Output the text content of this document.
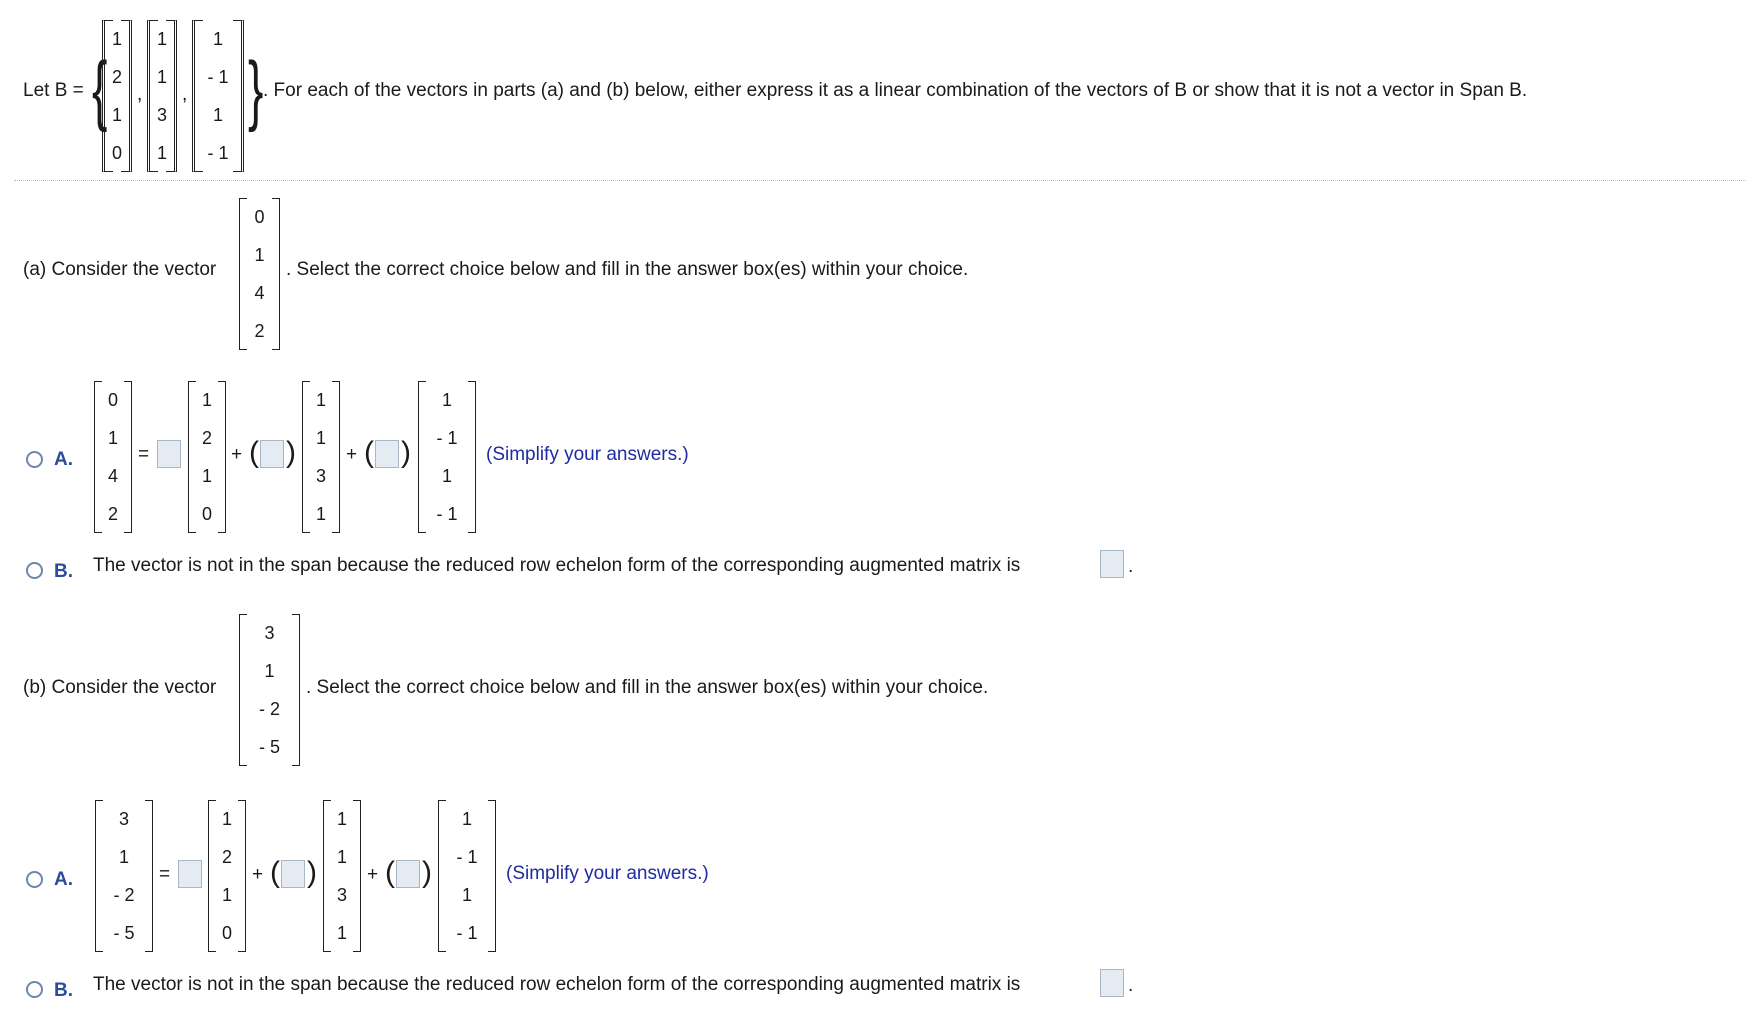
Let B = {
1
2
1
0
,
1
1
3
1
,
1
- 1
1
- 1
} . For each of the vectors in parts (a) and (b) below, either express it as a linear combination of the vectors of B or show that it is not a vector in Span B.
(a) Consider the vector
0
1
4
2
. Select the correct choice below and fill in the answer box(es) within your choice.
A.
0
1
4
2
=
1
2
1
0
+ ( )
1
1
3
1
+ ( )
1
- 1
1
- 1
(Simplify your answers.)
B. The vector is not in the span because the reduced row echelon form of the corresponding augmented matrix is	.
(b) Consider the vector
3
1
- 2
- 5
. Select the correct choice below and fill in the answer box(es) within your choice.
A.
3
1
- 2
- 5
=
1
2
1
0
+ ( )
1
1
3
1
+ ( )
1
- 1
1
- 1
(Simplify your answers.)
B. The vector is not in the span because the reduced row echelon form of the corresponding augmented matrix is	.
